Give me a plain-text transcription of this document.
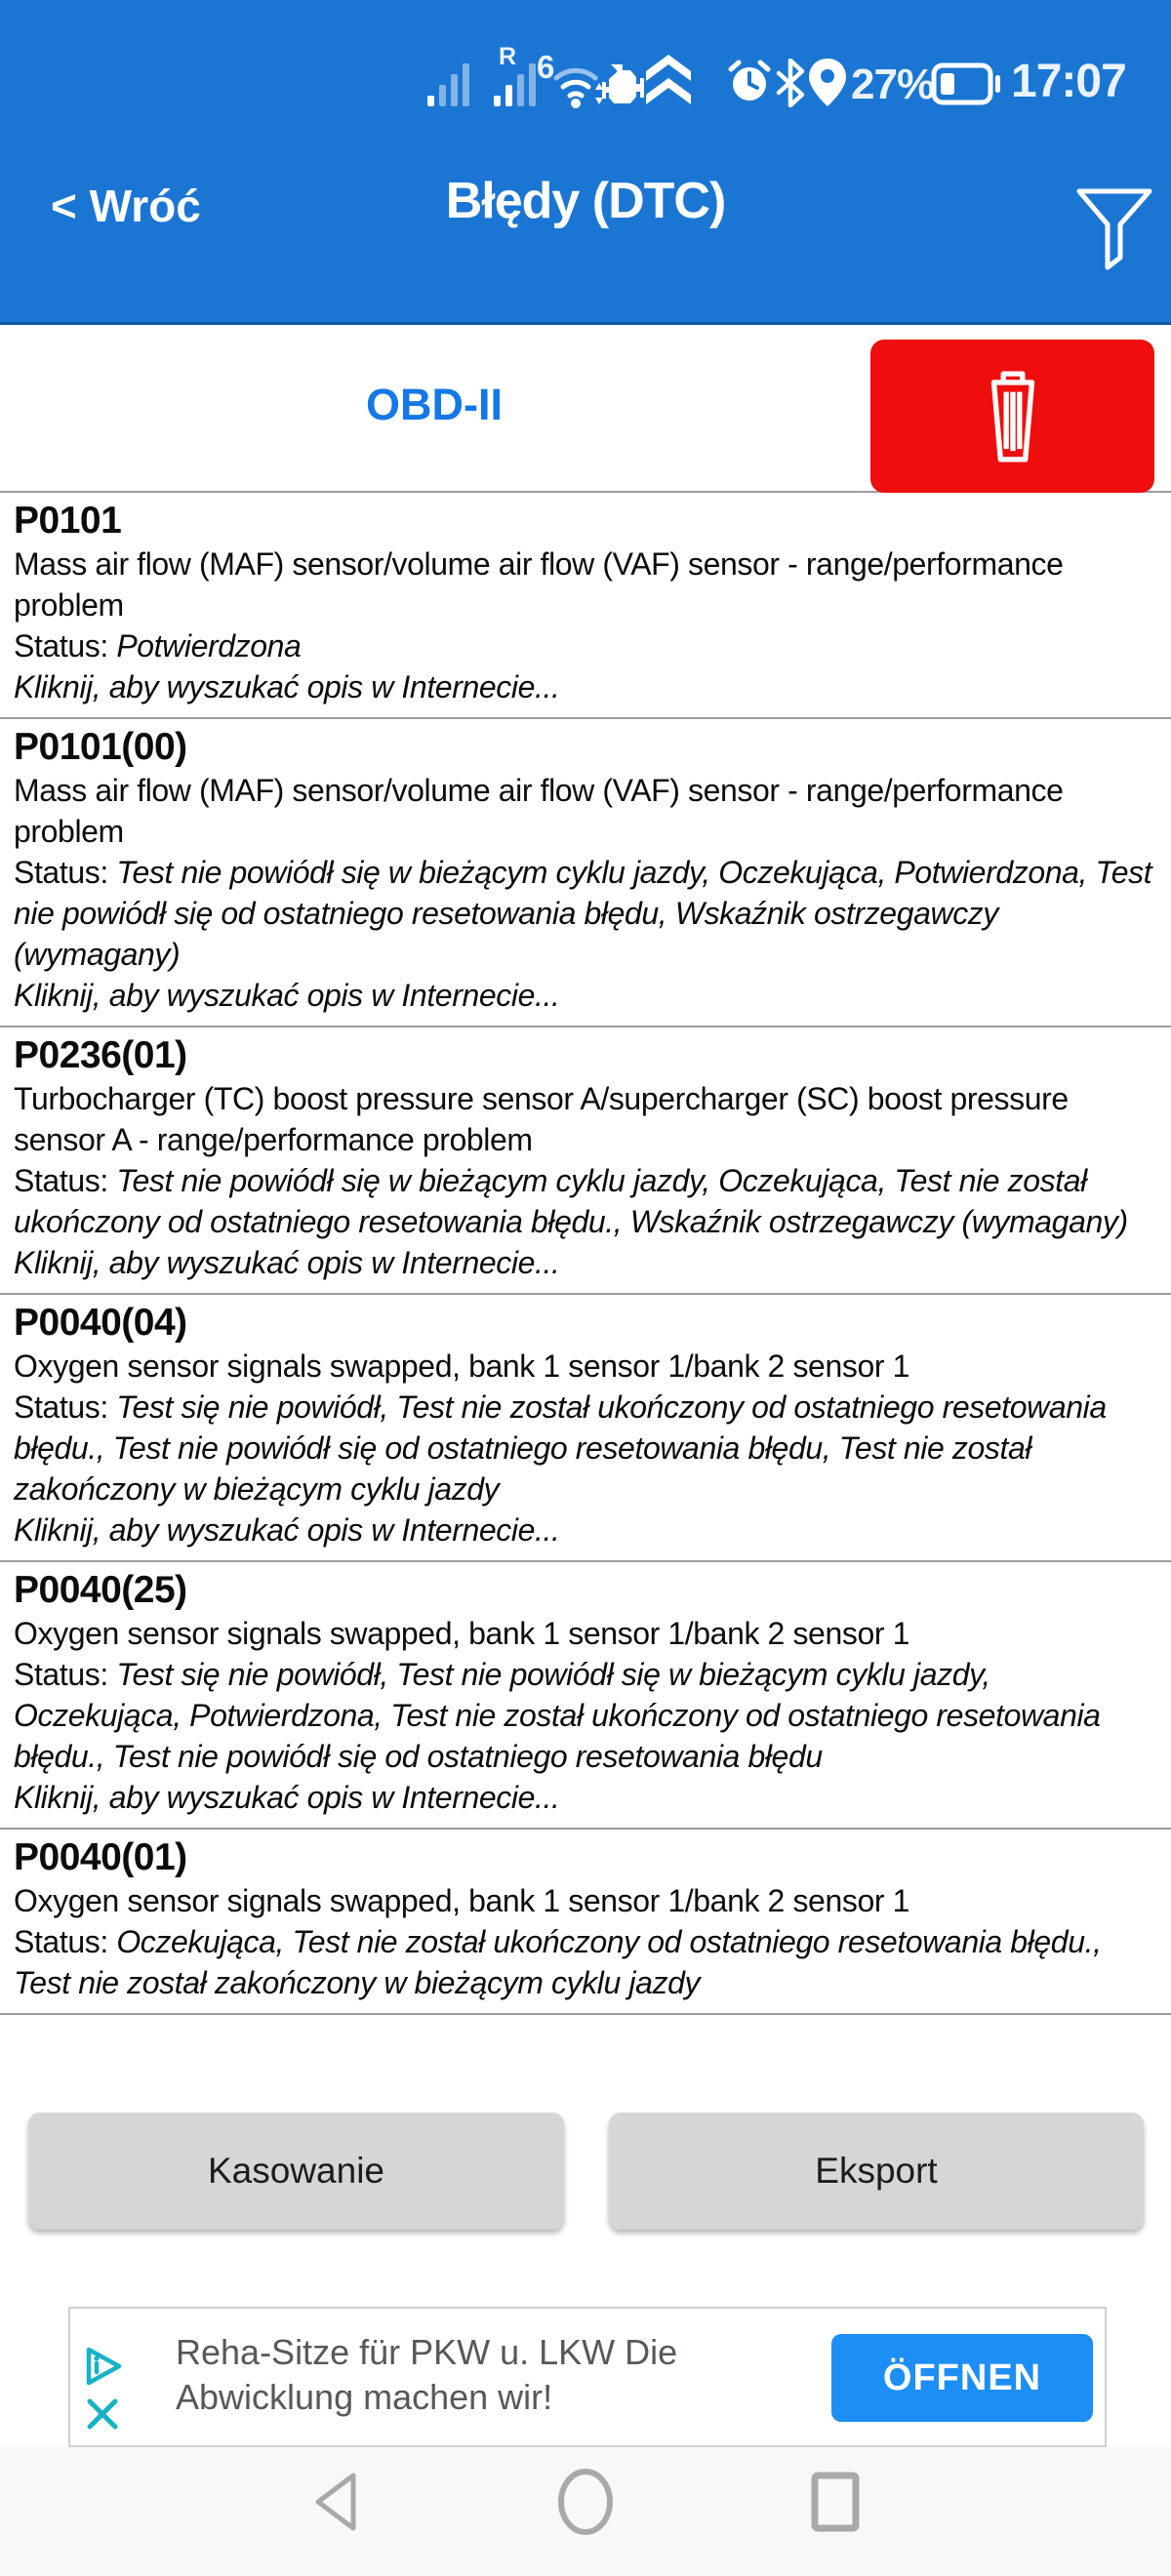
R 6	27% 17:07
< Wróć	Błędy (DTC)
OBD-II
P0101
Mass air flow (MAF) sensor/volume air flow (VAF) sensor - range/performance problem
Status: Potwierdzona
Kliknij, aby wyszukać opis w Internecie...
P0101(00)
Mass air flow (MAF) sensor/volume air flow (VAF) sensor - range/performance problem
Status: Test nie powiódł się w bieżącym cyklu jazdy, Oczekująca, Potwierdzona, Test nie powiódł się od ostatniego resetowania błędu, Wskaźnik ostrzegawczy (wymagany)
Kliknij, aby wyszukać opis w Internecie...
P0236(01)
Turbocharger (TC) boost pressure sensor A/supercharger (SC) boost pressure sensor A - range/performance problem
Status: Test nie powiódł się w bieżącym cyklu jazdy, Oczekująca, Test nie został ukończony od ostatniego resetowania błędu., Wskaźnik ostrzegawczy (wymagany)
Kliknij, aby wyszukać opis w Internecie...
P0040(04)
Oxygen sensor signals swapped, bank 1 sensor 1/bank 2 sensor 1
Status: Test się nie powiódł, Test nie został ukończony od ostatniego resetowania błędu., Test nie powiódł się od ostatniego resetowania błędu, Test nie został zakończony w bieżącym cyklu jazdy
Kliknij, aby wyszukać opis w Internecie...
P0040(25)
Oxygen sensor signals swapped, bank 1 sensor 1/bank 2 sensor 1
Status: Test się nie powiódł, Test nie powiódł się w bieżącym cyklu jazdy, Oczekująca, Potwierdzona, Test nie został ukończony od ostatniego resetowania błędu., Test nie powiódł się od ostatniego resetowania błędu
Kliknij, aby wyszukać opis w Internecie...
P0040(01)
Oxygen sensor signals swapped, bank 1 sensor 1/bank 2 sensor 1
Status: Oczekująca, Test nie został ukończony od ostatniego resetowania błędu., Test nie został zakończony w bieżącym cyklu jazdy
Kasowanie	Eksport
Reha-Sitze für PKW u. LKW Die
Abwicklung machen wir!	ÖFFNEN
